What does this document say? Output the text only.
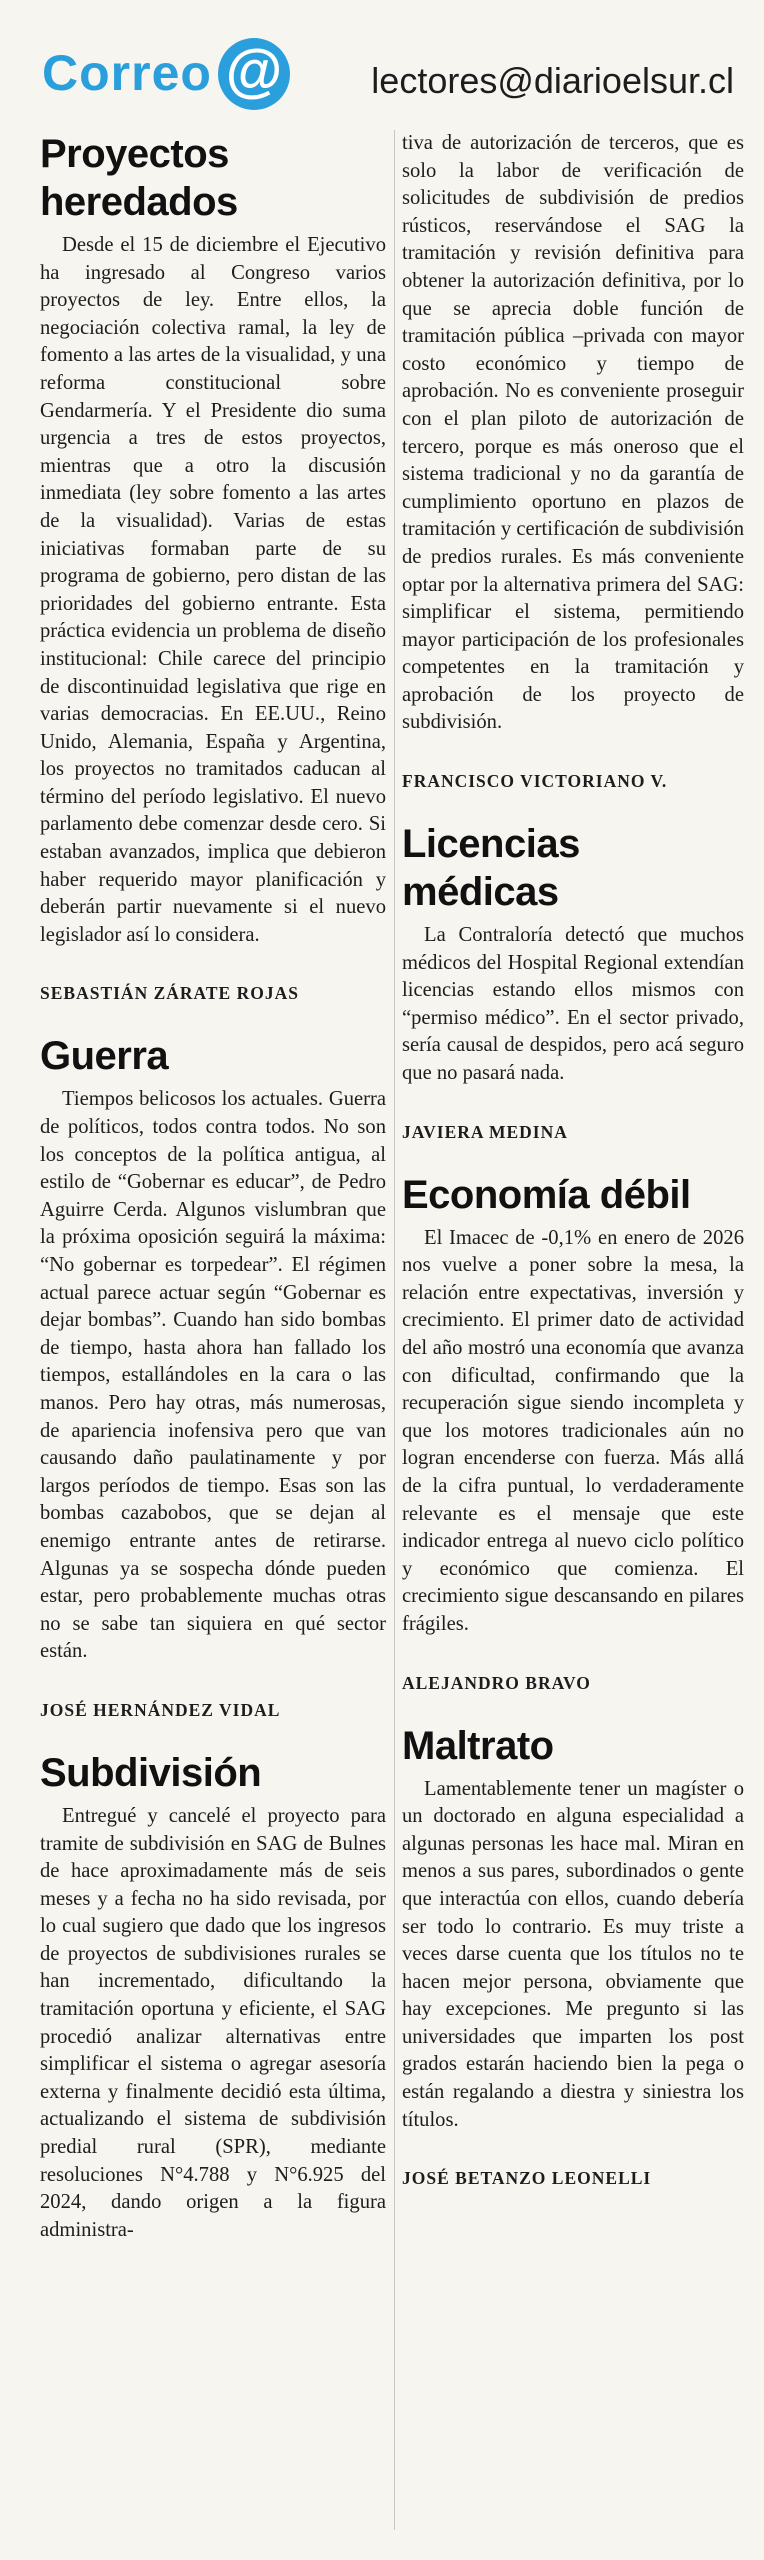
Correo @ lectores@diarioelsur.cl
Proyectos heredados

Desde el 15 de diciembre el Ejecutivo ha ingresado al Congreso varios proyectos de ley. Entre ellos, la negociación colectiva ramal, la ley de fomento a las artes de la visualidad, y una reforma constitucional sobre Gendarmería. Y el Presidente dio suma urgencia a tres de estos proyectos, mientras que a otro la discusión inmediata (ley sobre fomento a las artes de la visualidad). Varias de estas iniciativas formaban parte de su programa de gobierno, pero distan de las prioridades del gobierno entrante. Esta práctica evidencia un problema de diseño institucional: Chile carece del principio de discontinuidad legislativa que rige en varias democracias. En EE.UU., Reino Unido, Alemania, España y Argentina, los proyectos no tramitados caducan al término del período legislativo. El nuevo parlamento debe comenzar desde cero. Si estaban avanzados, implica que debieron haber requerido mayor planificación y deberán partir nuevamente si el nuevo legislador así lo considera.

SEBASTIÁN ZÁRATE ROJAS
Guerra

Tiempos belicosos los actuales. Guerra de políticos, todos contra todos. No son los conceptos de la política antigua, al estilo de “Gobernar es educar”, de Pedro Aguirre Cerda. Algunos vislumbran que la próxima oposición seguirá la máxima: “No gobernar es torpedear”. El régimen actual parece actuar según “Gobernar es dejar bombas”. Cuando han sido bombas de tiempo, hasta ahora han fallado los tiempos, estallándoles en la cara o las manos. Pero hay otras, más numerosas, de apariencia inofensiva pero que van causando daño paulatinamente y por largos períodos de tiempo. Esas son las bombas cazabobos, que se dejan al enemigo entrante antes de retirarse. Algunas ya se sospecha dónde pueden estar, pero probablemente muchas otras no se sabe tan siquiera en qué sector están.

JOSÉ HERNÁNDEZ VIDAL
Subdivisión

Entregué y cancelé el proyecto para tramite de subdivisión en SAG de Bulnes de hace aproximadamente más de seis meses y a fecha no ha sido revisada, por lo cual sugiero que dado que los ingresos de proyectos de subdivisiones rurales se han incrementado, dificultando la tramitación oportuna y eficiente, el SAG procedió analizar alternativas entre simplificar el sistema o agregar asesoría externa y finalmente decidió esta última, actualizando el sistema de subdivisión predial rural (SPR), mediante resoluciones N°4.788 y N°6.925 del 2024, dando origen a la figura administra-

tiva de autorización de terceros, que es solo la labor de verificación de solicitudes de subdivisión de predios rústicos, reservándose el SAG la tramitación y revisión definitiva para obtener la autorización definitiva, por lo que se aprecia doble función de tramitación pública –privada con mayor costo económico y tiempo de aprobación. No es conveniente proseguir con el plan piloto de autorización de tercero, porque es más oneroso que el sistema tradicional y no da garantía de cumplimiento oportuno en plazos de tramitación y certificación de subdivisión de predios rurales. Es más conveniente optar por la alternativa primera del SAG: simplificar el sistema, permitiendo mayor participación de los profesionales competentes en la tramitación y aprobación de los proyecto de subdivisión.

FRANCISCO VICTORIANO V.
Licencias médicas

La Contraloría detectó que muchos médicos del Hospital Regional extendían licencias estando ellos mismos con “permiso médico”. En el sector privado, sería causal de despidos, pero acá seguro que no pasará nada.

JAVIERA MEDINA
Economía débil

El Imacec de -0,1% en enero de 2026 nos vuelve a poner sobre la mesa, la relación entre expectativas, inversión y crecimiento. El primer dato de actividad del año mostró una economía que avanza con dificultad, confirmando que la recuperación sigue siendo incompleta y que los motores tradicionales aún no logran encenderse con fuerza. Más allá de la cifra puntual, lo verdaderamente relevante es el mensaje que este indicador entrega al nuevo ciclo político y económico que comienza. El crecimiento sigue descansando en pilares frágiles.

ALEJANDRO BRAVO
Maltrato

Lamentablemente tener un magíster o un doctorado en alguna especialidad a algunas personas les hace mal. Miran en menos a sus pares, subordinados o gente que interactúa con ellos, cuando debería ser todo lo contrario. Es muy triste a veces darse cuenta que los títulos no te hacen mejor persona, obviamente que hay excepciones. Me pregunto si las universidades que imparten los post grados estarán haciendo bien la pega o están regalando a diestra y siniestra los títulos.

JOSÉ BETANZO LEONELLI
